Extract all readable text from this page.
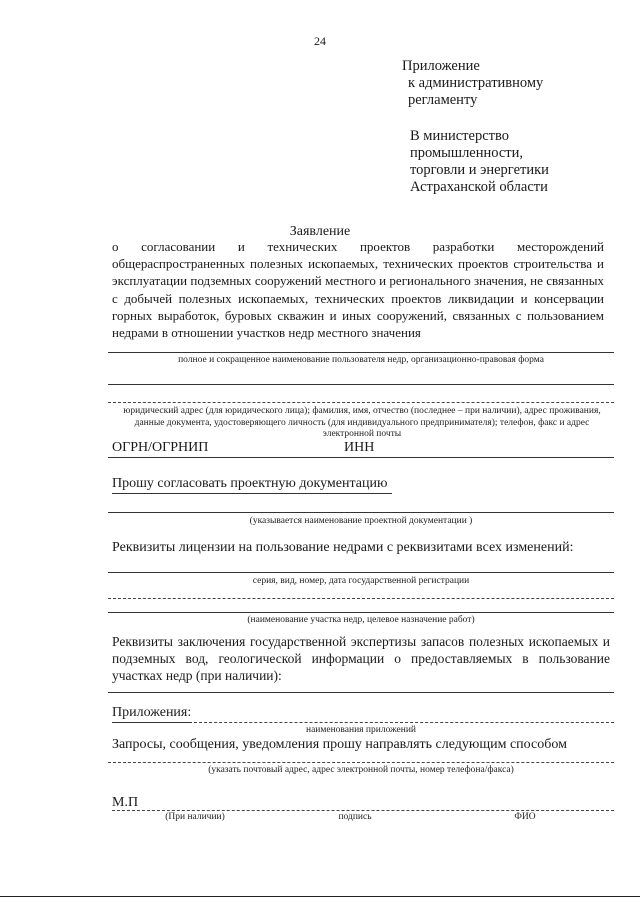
24
Приложение
к административному
регламенту
В министерство
промышленности,
торговли и энергетики
Астраханской области
Заявление
о согласовании и технических проектов разработки месторождений общераспространенных полезных ископаемых, технических проектов строительства и эксплуатации подземных сооружений местного и регионального значения, не связанных с добычей полезных ископаемых, технических проектов ликвидации и консервации горных выработок, буровых скважин и иных сооружений, связанных с пользованием недрами в отношении участков недр местного значения
полное и сокращенное наименование пользователя недр, организационно-правовая форма
юридический адрес (для юридического лица); фамилия, имя, отчество (последнее – при наличии), адрес проживания, данные документа, удостоверяющего личность (для индивидуального предпринимателя); телефон, факс и адрес электронной почты
ОГРН/ОГРНИП	ИНН
Прошу согласовать проектную документацию
(указывается наименование проектной документации )
Реквизиты лицензии на пользование недрами с реквизитами всех изменений:
серия, вид, номер, дата государственной регистрации
(наименование участка недр, целевое назначение работ)
Реквизиты заключения государственной экспертизы запасов полезных ископаемых и подземных вод, геологической информации о предоставляемых в пользование участках недр (при наличии):
Приложения:
наименования приложений
Запросы, сообщения, уведомления прошу направлять следующим способом
(указать почтовый адрес, адрес электронной почты, номер телефона/факса)
М.П
(При наличии)	подпись	ФИО
